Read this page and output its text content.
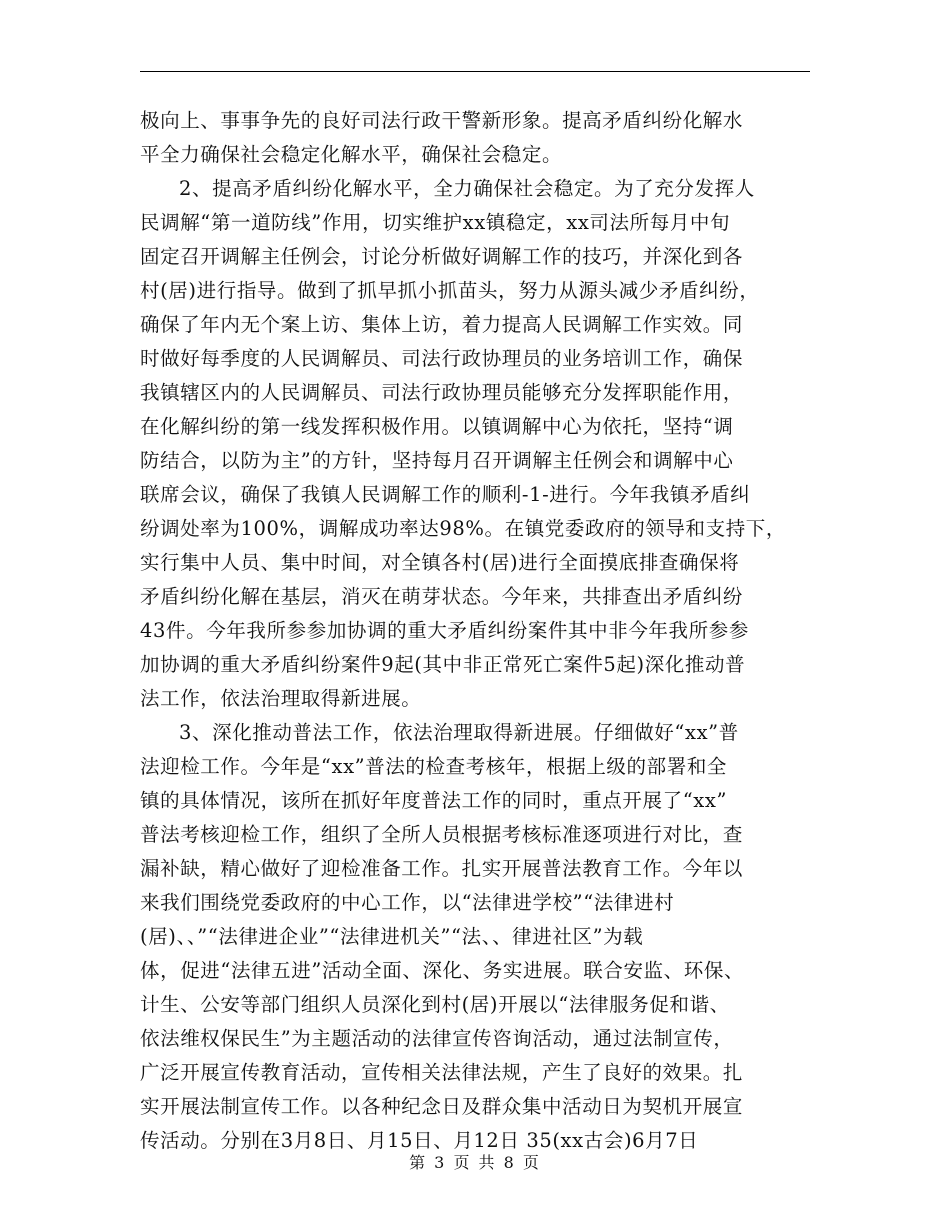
极向上、事事争先的良好司法行政干警新形象。提高矛盾纠纷化解水
平全力确保社会稳定化解水平，确保社会稳定。
2、提高矛盾纠纷化解水平，全力确保社会稳定。为了充分发挥人
民调解“第一道防线”作用，切实维护xx镇稳定，xx司法所每月中旬
固定召开调解主任例会，讨论分析做好调解工作的技巧，并深化到各
村(居)进行指导。做到了抓早抓小抓苗头，努力从源头减少矛盾纠纷，
确保了年内无个案上访、集体上访，着力提高人民调解工作实效。同
时做好每季度的人民调解员、司法行政协理员的业务培训工作，确保
我镇辖区内的人民调解员、司法行政协理员能够充分发挥职能作用，
在化解纠纷的第一线发挥积极作用。以镇调解中心为依托，坚持“调
防结合，以防为主”的方针，坚持每月召开调解主任例会和调解中心
联席会议，确保了我镇人民调解工作的顺利-1-进行。今年我镇矛盾纠
纷调处率为100%，调解成功率达98%。在镇党委政府的领导和支持下，
实行集中人员、集中时间，对全镇各村(居)进行全面摸底排查确保将
矛盾纠纷化解在基层，消灭在萌芽状态。今年来，共排查出矛盾纠纷
43件。今年我所参参加协调的重大矛盾纠纷案件其中非今年我所参参
加协调的重大矛盾纠纷案件9起(其中非正常死亡案件5起)深化推动普
法工作，依法治理取得新进展。
3、深化推动普法工作，依法治理取得新进展。仔细做好“xx”普
法迎检工作。今年是“xx”普法的检查考核年，根据上级的部署和全
镇的具体情况，该所在抓好年度普法工作的同时，重点开展了“xx”
普法考核迎检工作，组织了全所人员根据考核标准逐项进行对比，查
漏补缺，精心做好了迎检准备工作。扎实开展普法教育工作。今年以
来我们围绕党委政府的中心工作，以“法律进学校”“法律进村
(居)、、”“法律进企业”“法律进机关”“法、、律进社区”为载
体，促进“法律五进”活动全面、深化、务实进展。联合安监、环保、
计生、公安等部门组织人员深化到村(居)开展以“法律服务促和谐、
依法维权保民生”为主题活动的法律宣传咨询活动，通过法制宣传，
广泛开展宣传教育活动，宣传相关法律法规，产生了良好的效果。扎
实开展法制宣传工作。以各种纪念日及群众集中活动日为契机开展宣
传活动。分别在3月8日、月15日、月12日 35(xx古会)6月7日
第 3 页 共 8 页
